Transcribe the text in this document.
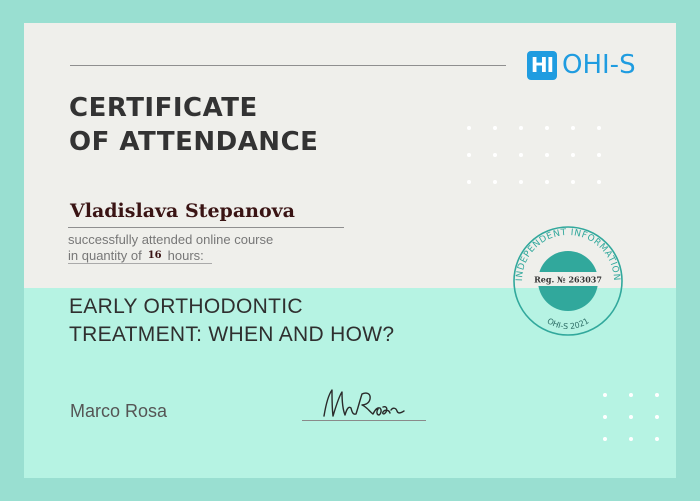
HI OHI-S
CERTIFICATE
OF ATTENDANCE
Vladislava Stepanova
successfully attended online course
in quantity of 16 hours:
EARLY ORTHODONTIC
TREATMENT: WHEN AND HOW?
Marco Rosa
INDEPENDENT INFORMATION
Reg. № 263037
OHI-S 2021
